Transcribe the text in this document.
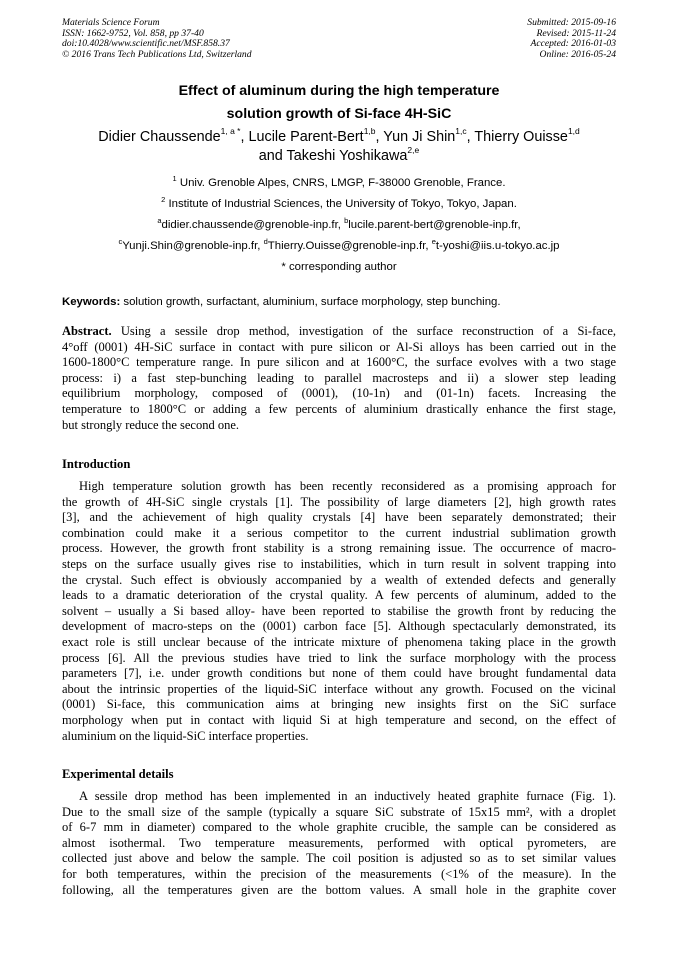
Materials Science Forum
ISSN: 1662-9752, Vol. 858, pp 37-40
doi:10.4028/www.scientific.net/MSF.858.37
© 2016 Trans Tech Publications Ltd, Switzerland
Submitted: 2015-09-16
Revised: 2015-11-24
Accepted: 2016-01-03
Online: 2016-05-24
Effect of aluminum during the high temperature
solution growth of Si-face 4H-SiC
Didier Chaussende$^{1, a *}$, Lucile Parent-Bert$^{1,b}$, Yun Ji Shin$^{1,c}$, Thierry Ouisse$^{1,d}$
and Takeshi Yoshikawa$^{2,e}$
$^1$ Univ. Grenoble Alpes, CNRS, LMGP, F-38000 Grenoble, France.
$^2$ Institute of Industrial Sciences, the University of Tokyo, Tokyo, Japan.
$^a$didier.chaussende@grenoble-inp.fr, $^b$lucile.parent-bert@grenoble-inp.fr,
$^c$Yunji.Shin@grenoble-inp.fr, $^d$Thierry.Ouisse@grenoble-inp.fr, $^e$t-yoshi@iis.u-tokyo.ac.jp
* corresponding author
Keywords: solution growth, surfactant, aluminium, surface morphology, step bunching.
Abstract. Using a sessile drop method, investigation of the surface reconstruction of a Si-face,
4°off (0001) 4H-SiC surface in contact with pure silicon or Al-Si alloys has been carried out in the
1600-1800°C temperature range. In pure silicon and at 1600°C, the surface evolves with a two stage
process: i) a fast step-bunching leading to parallel macrosteps and ii) a slower step leading
equilibrium morphology, composed of (0001), (10-1n) and (01-1n) facets. Increasing the
temperature to 1800°C or adding a few percents of aluminium drastically enhance the first stage,
but strongly reduce the second one.
Introduction
High temperature solution growth has been recently reconsidered as a promising approach for
the growth of 4H-SiC single crystals [1]. The possibility of large diameters [2], high growth rates
[3], and the achievement of high quality crystals [4] have been separately demonstrated; their
combination could make it a serious competitor to the current industrial sublimation growth
process. However, the growth front stability is a strong remaining issue. The occurrence of macro-
steps on the surface usually gives rise to instabilities, which in turn result in solvent trapping into
the crystal. Such effect is obviously accompanied by a wealth of extended defects and generally
leads to a dramatic deterioration of the crystal quality. A few percents of aluminum, added to the
solvent – usually a Si based alloy- have been reported to stabilise the growth front by reducing the
development of macro-steps on the (0001) carbon face [5]. Although spectacularly demonstrated, its
exact role is still unclear because of the intricate mixture of phenomena taking place in the growth
process [6]. All the previous studies have tried to link the surface morphology with the process
parameters [7], i.e. under growth conditions but none of them could have brought fundamental data
about the intrinsic properties of the liquid-SiC interface without any growth. Focused on the vicinal
(0001) Si-face, this communication aims at bringing new insights first on the SiC surface
morphology when put in contact with liquid Si at high temperature and second, on the effect of
aluminium on the liquid-SiC interface properties.
Experimental details
A sessile drop method has been implemented in an inductively heated graphite furnace (Fig. 1).
Due to the small size of the sample (typically a square SiC substrate of 15x15 mm², with a droplet
of 6-7 mm in diameter) compared to the whole graphite crucible, the sample can be considered as
almost isothermal. Two temperature measurements, performed with optical pyrometers, are
collected just above and below the sample. The coil position is adjusted so as to set similar values
for both temperatures, within the precision of the measurements (<1% of the measure). In the
following, all the temperatures given are the bottom values. A small hole in the graphite cover
